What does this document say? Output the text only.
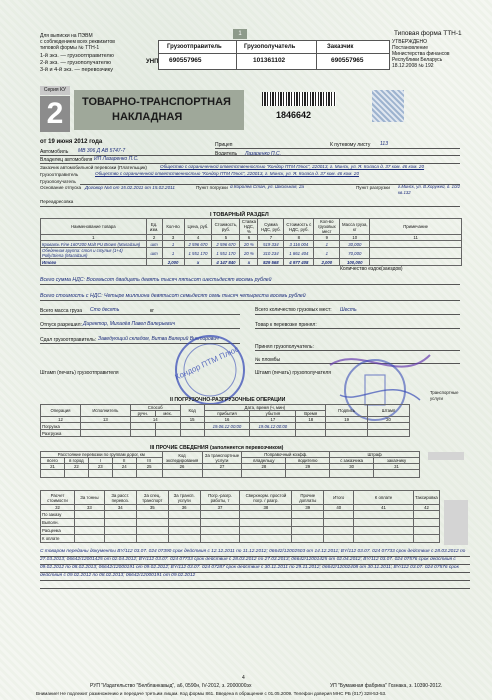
Для выписки на ПЭВМ
с соблюдением всех реквизитов
типовой формы № ТТН-1
1-й экз. — грузоотправителю
2-й экз. — грузополучателю
3-й и 4-й экз. — перевозчику
1
УНП
Грузоотправитель	Грузополучатель	Заказчик
690557965	101361102	690557965
Типовая форма ТТН-1
УТВЕРЖДЕНО
Постановление
Министерства финансов
Республики Беларусь
18.12.2008 № 192
Серия КУ
2	ТОВАРНО-ТРАНСПОРТНАЯ
НАКЛАДНАЯ	1846642
от 19 июня 2012 года	Прицеп	К путевому листу 113
Автомобиль МВ 306 Д АВ 5747-7	Водитель Лазаренко П.С.
Владелец автомобиля ИП Лазаренко П.С.
Заказчик автомобильной перевозки (Плательщик)	Общество с ограниченной ответственностью "Кондор ПТМ Плюс", 220013, г. Минск, ул. Я. Коласа д. 37 ком. 46 ком. 20
Грузоотправитель	Общество с ограниченной ответственностью "Кондор ПТМ Плюс", 220013, г. Минск, ул. Я. Коласа д. 37 ком. 46 ком. 20
Грузополучатель
Основание отпуска Договор №6 от 15.02.2011 от 15.02.2011	Пункт погрузки д.Королев Стан, ул. Школьная, 2а	Пункт разгрузки г.Минск, ул. В.Хоружей, д. 10/2 кв.132
Переадресовка
I ТОВАРНЫЙ РАЗДЕЛ
Наименование товара	Ед. изм.	Кол-во	Цена, руб.	Стоимость, руб.	Ставка НДС, %	Сумма НДС, руб.	Стоимость с НДС, руб.	Кол-во грузовых мест	Масса груза, кг	Примечание
1	2	3	4	5	6	7	8	9	10	11
Кровать Fine 160*200 Malt PU Brown (Малайзия)	шт	1	2 596 670	2 596 670	20 %	519 334	3 116 004	1	30,000	
Обеденная группа: стол и стулья (1+4) Polly/Siena (Малайзия)	шт	1	1 551 170	1 551 170	20 %	310 234	1 861 404	1	70,000	
Итого		2,000	х	4 147 840	х	829 568	4 977 408	2,000	100,000	
Количество ездок(заездов)
Всего сумма НДС: Восемьсот двадцать девять тысяч пятьсот шестьдесят восемь рублей
Всего стоимость с НДС: Четыре миллиона девятьсот семьдесят семь тысяч четыреста восемь рублей
Всего масса груза Сто десять	кг	Всего количество грузовых мест: Шесть
Отпуск разрешил: Директор, Михалёв Павел Валерьевич	Товар к перевозке принял:
Сдал грузоотправитель: Заведующий складом, Витва Валерий Викторович
Принял грузополучатель:
№ пломбы
Штамп (печать) грузоотправителя	Штамп (печать) грузополучателя
Кондор ПТМ Плюс
II ПОГРУЗОЧНО-РАЗГРУЗОЧНЫЕ ОПЕРАЦИИ
Транспортные услуги
Операция	Исполнитель	Способ		Код	Дата, время (ч, мин)			Подпись	Штамп
		ручн.	мех.		прибытия	убытия	Время		
12	13	14		15	16	17	18	19	20
Погрузка					19.06.12 00:00	19.06.12 00:00			
Разгрузка									
III ПРОЧИЕ СВЕДЕНИЯ (заполняется перевозчиком)
Расстояние перевозки по группам дорог, км					Код экспедирования	За транспортные услуги	Поправочный коэфф.		Штраф	
всего	в город	I	II	III			владельцу	водителю	с заказчика	заказчику
21	22	23	24	25	26	27	28	29	30	31

Расчет стоимости	За тонны	За расст. перевоз.	За спец. транспорт	За трансп. услуги	Погр.-разгр. работы, т	Сверхнорм. простой погр. / разгр.	Прочие доплаты	Итого	К оплате	Таксировка
32	33	34	35	36	37	38	39	40	41	42
По заказу										
Выполн.										
Расценка										
К оплате										
С товаром переданы документы BY/112 03.07. 024 07390 срок действия с 12.12.2011 по 11.12.2012; 06642/12002503 от 14.12.2011; BY/112 03.07. 024 07733 срок действия с 28.03.2012 по 27.03.2013; 06642/12001425 от 02.04.2012; BY/112 03.07. 024 07733 срок действия с 28.03.2012 по 27.03.2013; 06642/12001425 от 02.04.2012; BY/112 03.07. 024 07576 срок действия с 09.02.2012 по 08.02.2013; 06642/12000191 от 09.02.2012; BY/112 03.07. 024 07287 срок действия с 30.11.2011 по 29.11.2012; 06642/12002408 от 30.11.2011; BY/112 03.07. 024 07576 срок действия с 09.02.2012 по 08.02.2013; 06642/12000191 от 09.02.2012
4
РУП "Издательство "Белбланкавыд", а6, 0590н, IV-2012, з. 2000000эх	УП "Бумажная фабрика" Гознака, з. 10390-2012.
Внимание! Не подлежит размножению и передаче третьим лицам. Код формы 861. Введена в обращение с 01.05.2009. Телефон доверия МНС РБ (017) 328-53-53.
